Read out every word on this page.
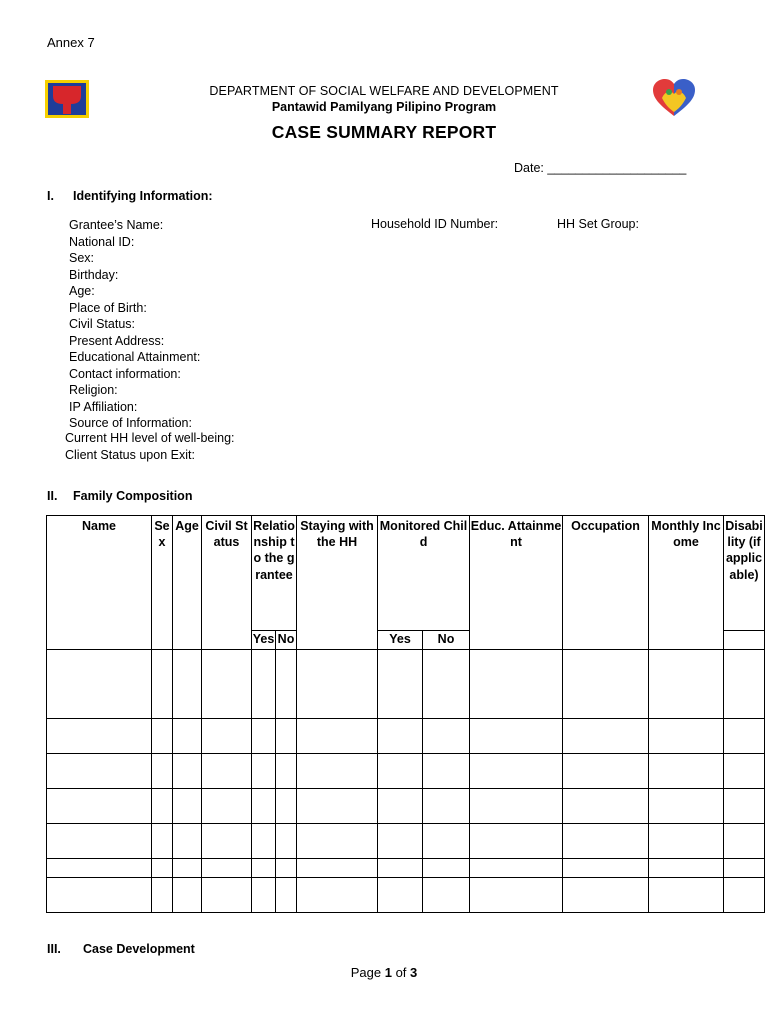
Annex 7
DEPARTMENT OF SOCIAL WELFARE AND DEVELOPMENT
Pantawid Pamilyang Pilipino Program
CASE SUMMARY REPORT
Date: ____________________
I. Identifying Information:
Grantee’s Name:
National ID:
Sex:
Birthday:
Age:
Place of Birth:
Civil Status:
Present Address:
Educational Attainment:
Contact information:
Religion:
IP Affiliation:
Source of Information:
Current HH level of well-being:
Client Status upon Exit:
Household ID Number:	HH Set Group:
II. Family Composition
Name	Sex	Age	Civil Status	Relationship to the grantee		Staying with the HH	Monitored Child		Educ. Attainment	Occupation	Monthly Income	Disability (if applicable)
				Yes	No		Yes	No				

III. Case Development
Page 1 of 3
